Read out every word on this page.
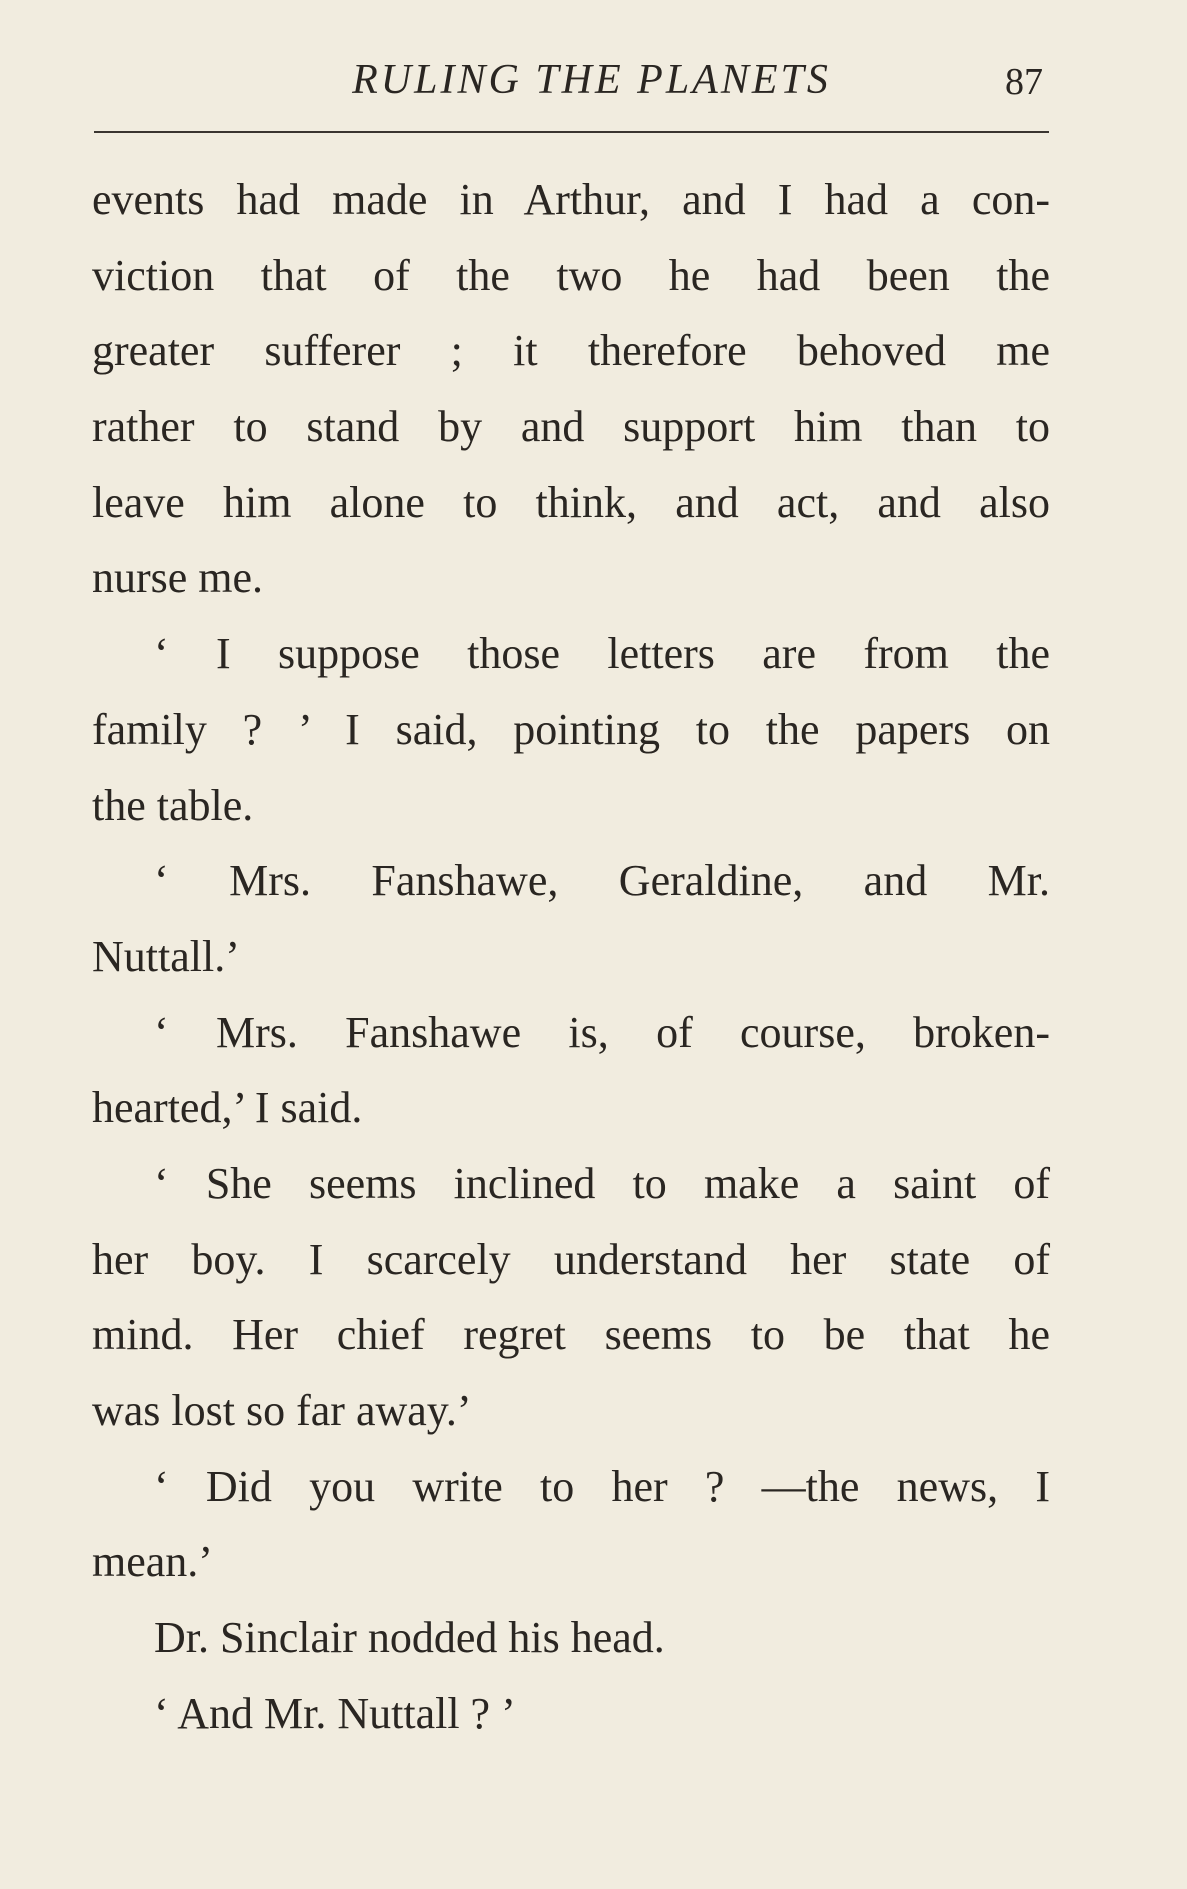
RULING THE PLANETS	87
events had made in Arthur, and I had a con-
viction that of the two he had been the
greater sufferer ; it therefore behoved me
rather to stand by and support him than to
leave him alone to think, and act, and also
nurse me.
‘ I suppose those letters are from the
family ? ’ I said, pointing to the papers on
the table.
‘ Mrs. Fanshawe, Geraldine, and Mr.
Nuttall.’
‘ Mrs. Fanshawe is, of course, broken-
hearted,’ I said.
‘ She seems inclined to make a saint of
her boy. I scarcely understand her state of
mind. Her chief regret seems to be that he
was lost so far away.’
‘ Did you write to her ? —the news, I
mean.’
Dr. Sinclair nodded his head.
‘ And Mr. Nuttall ? ’
